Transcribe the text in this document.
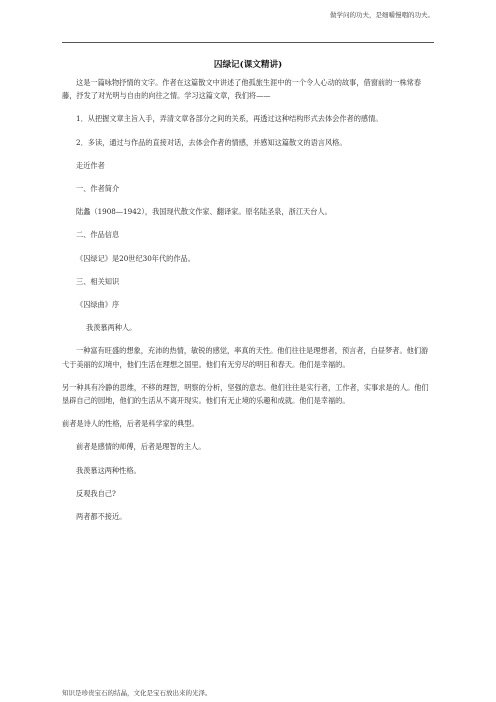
做学问的功夫，是细嚼慢咽的功夫。
囚绿记(课文精讲)

这是一篇咏物抒情的文字。作者在这篇散文中讲述了他孤旅生涯中的一个令人心动的故事，借窗前的一株常春藤，抒发了对光明与自由的向往之情。学习这篇文章，我们将——

1．从把握文章主旨入手，弄清文章各部分之间的关系，再透过这种结构形式去体会作者的感情。

2．多读，通过与作品的直接对话，去体会作者的情感，并感知这篇散文的语言风格。

走近作者

一、作者简介

陆蠡（1908—1942），我国现代散文作家、翻译家。原名陆圣泉，浙江天台人。

二、作品信息

《囚绿记》是20世纪30年代的作品。

三、相关知识

《囚绿曲》序

我羡慕两种人。

一种富有旺盛的想象，充沛的热情，敏锐的感觉，率真的天性。他们往往是理想者，预言者，白昼梦者。他们游弋于美丽的幻境中，他们生活在理想之国里。他们有无穷尽的明日和春天。他们是幸福的。

另一种具有冷静的思维，不移的理智，明察的分析，坚强的意志。他们往往是实行者，工作者，实事求是的人。他们垦辟自己的园地，他们的生活从不离开现实。他们有无止境的乐趣和成就。他们是幸福的。

前者是诗人的性格，后者是科学家的典型。

前者是感情的师傅，后者是理智的主人。

我羡慕这两种性格。

反观我自己?

两者都不接近。

知识是珍贵宝石的结晶，文化是宝石放出来的光泽。
